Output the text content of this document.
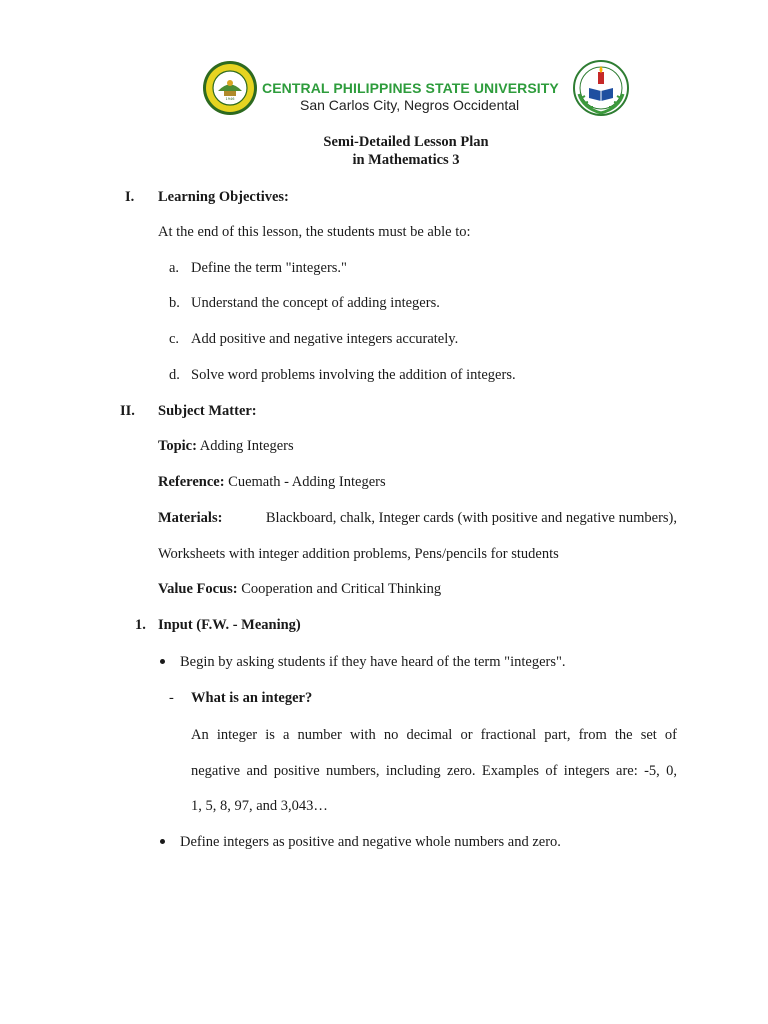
1946
CENTRAL PHILIPPINES STATE UNIVERSITY
San Carlos City, Negros Occidental
Semi-Detailed Lesson Plan
in Mathematics 3
I. Learning Objectives:
At the end of this lesson, the students must be able to:
a. Define the term "integers."
b. Understand the concept of adding integers.
c. Add positive and negative integers accurately.
d. Solve word problems involving the addition of integers.
II. Subject Matter:
Topic: Adding Integers
Reference: Cuemath - Adding Integers
Materials:	Blackboard, chalk, Integer cards (with positive and negative numbers),
Worksheets with integer addition problems, Pens/pencils for students
Value Focus: Cooperation and Critical Thinking
1. Input (F.W. - Meaning)
Begin by asking students if they have heard of the term "integers".
- What is an integer?
An integer is a number with no decimal or fractional part, from the set of
negative and positive numbers, including zero. Examples of integers are: -5, 0,
1, 5, 8, 97, and 3,043…
Define integers as positive and negative whole numbers and zero.
